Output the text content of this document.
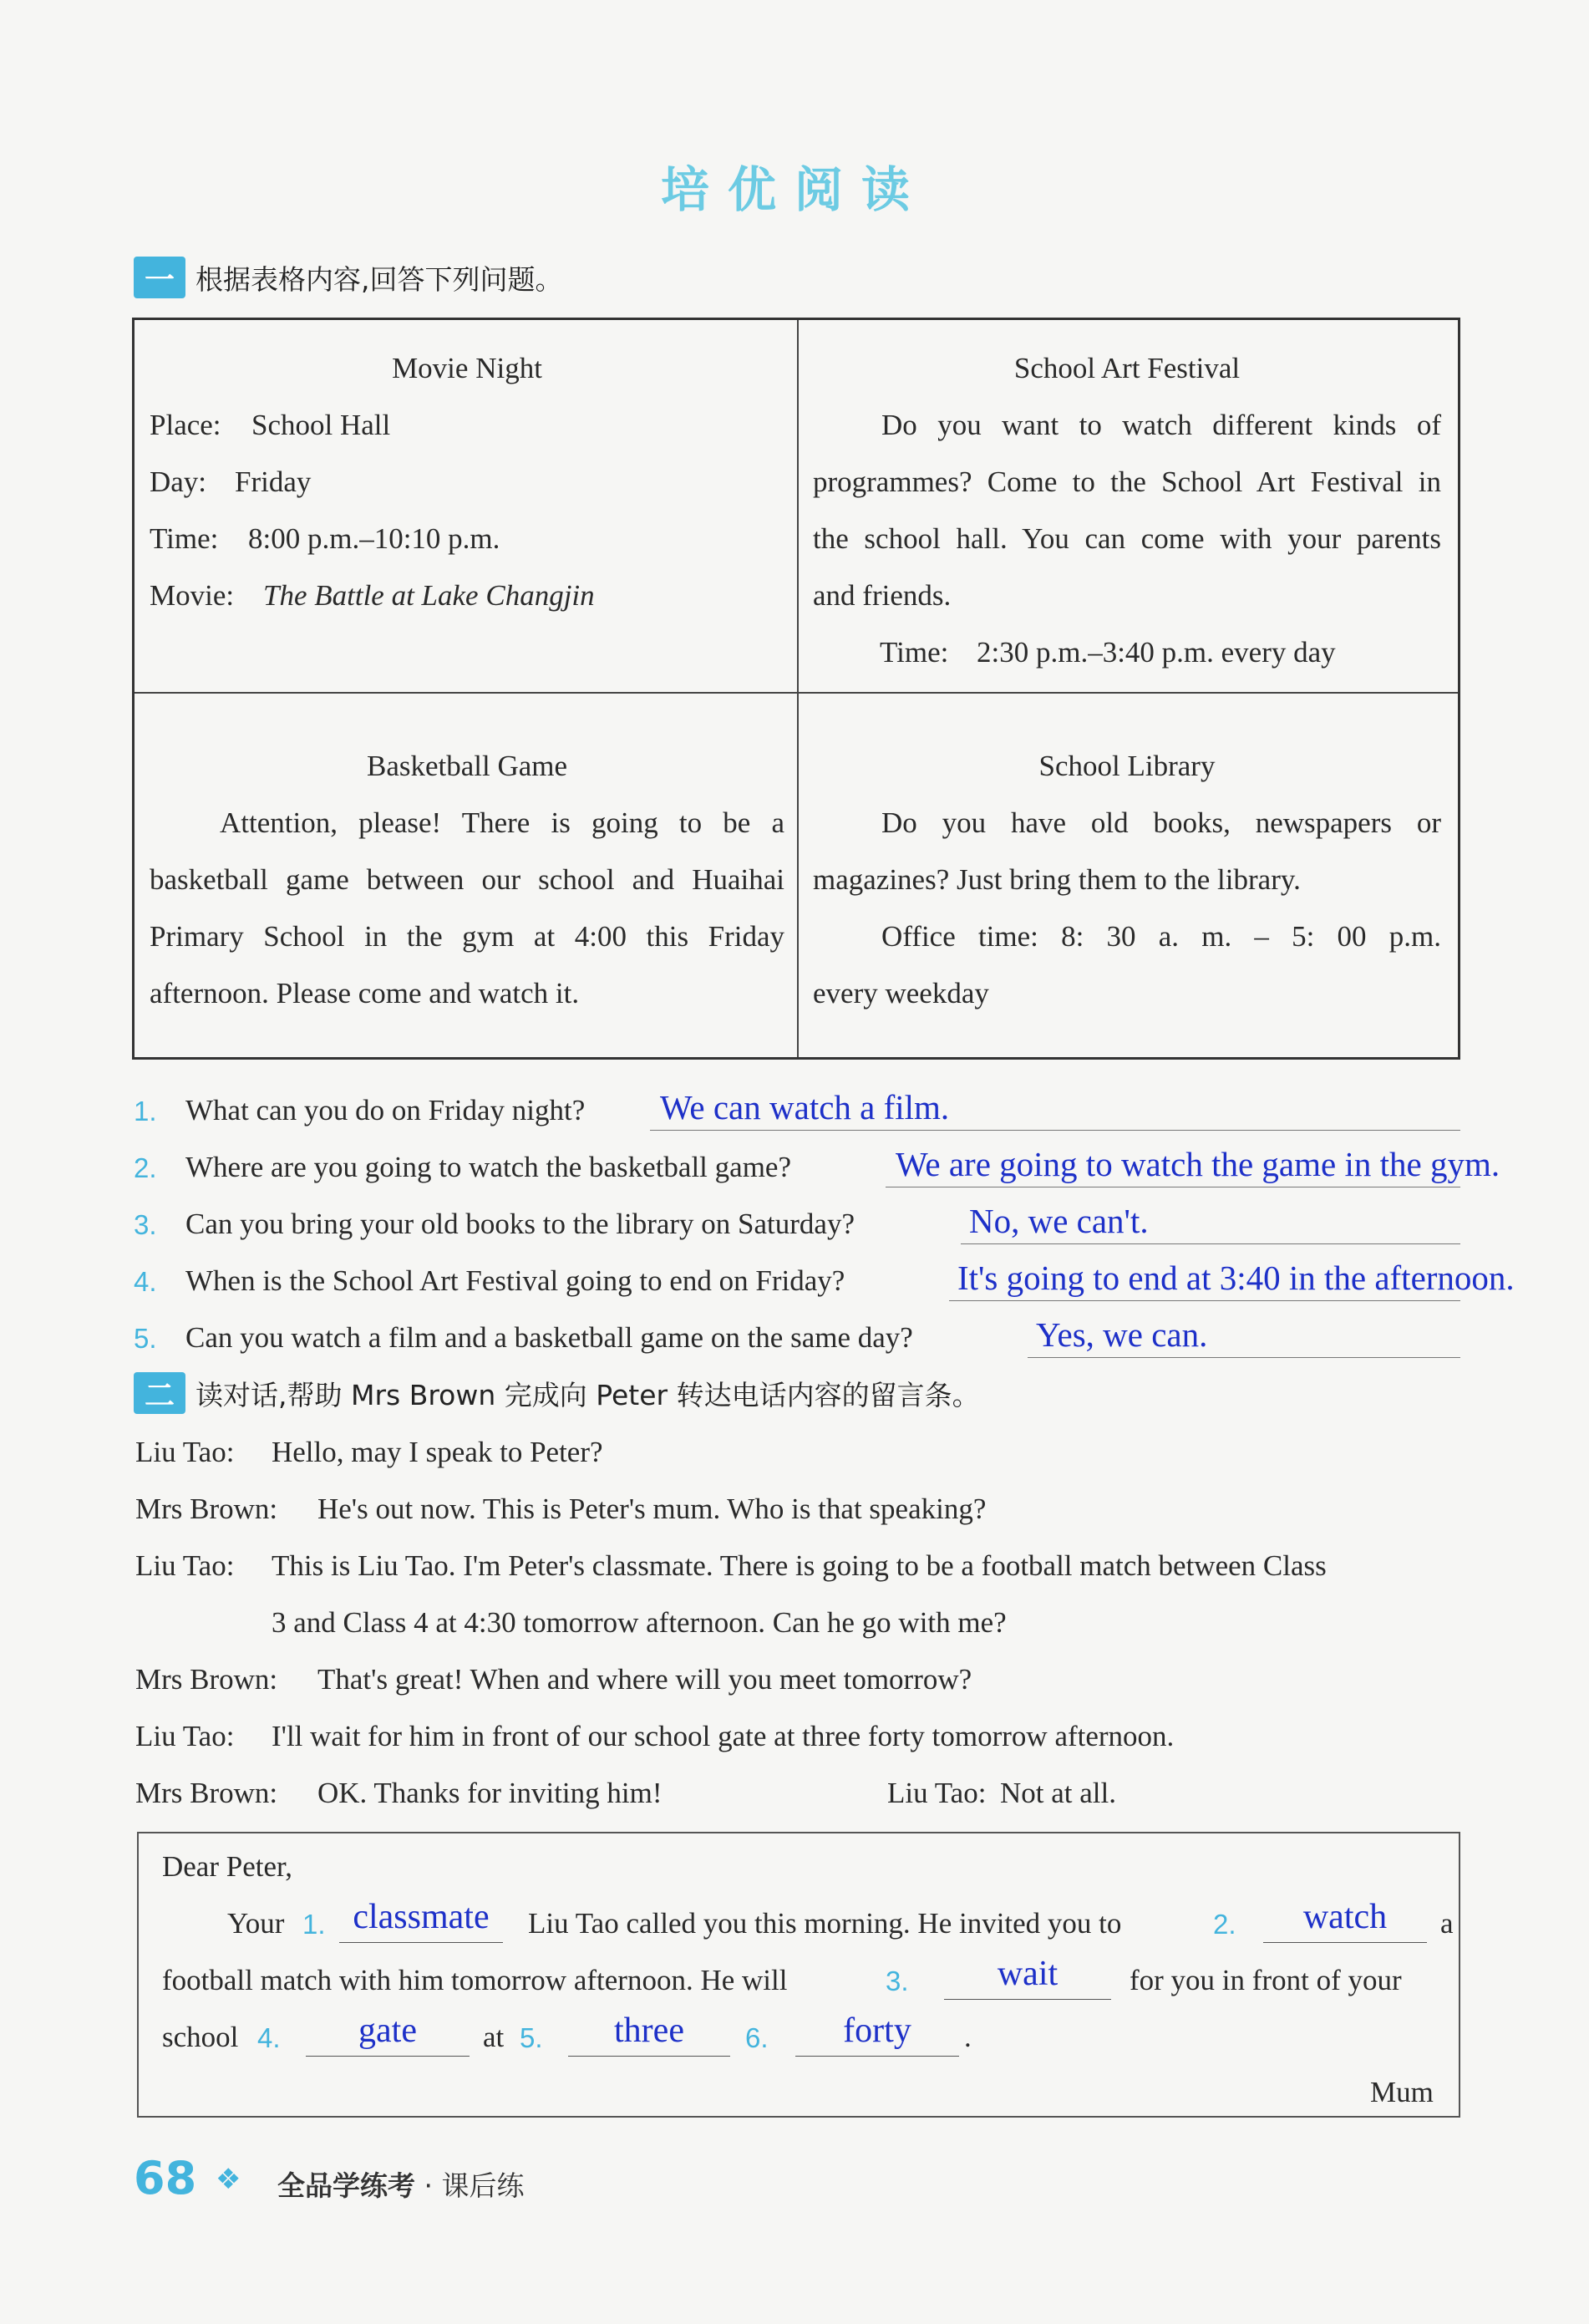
培优阅读
一 根据表格内容,回答下列问题。
Movie Night
Place: School Hall
Day: Friday
Time: 8:00 p.m.–10:10 p.m.
Movie: The Battle at Lake Changjin
School Art Festival
Do you want to watch different kinds of
programmes? Come to the School Art Festival in
the school hall. You can come with your parents
and friends.
Time: 2:30 p.m.–3:40 p.m. every day
Basketball Game
Attention, please! There is going to be a
basketball game between our school and Huaihai
Primary School in the gym at 4:00 this Friday
afternoon. Please come and watch it.
School Library
Do you have old books, newspapers or
magazines? Just bring them to the library.
Office time: 8: 30 a. m. – 5: 00 p.m.
every weekday
1. What can you do on Friday night? We can watch a film.
2. Where are you going to watch the basketball game?	We are going to watch the game in the gym.
3. Can you bring your old books to the library on Saturday?	No, we can't.
4. When is the School Art Festival going to end on Friday?	It's going to end at 3:40 in the afternoon.
5. Can you watch a film and a basketball game on the same day?	Yes, we can.
二 读对话,帮助 Mrs Brown 完成向 Peter 转达电话内容的留言条。
Liu Tao: Hello, may I speak to Peter?
Mrs Brown: He's out now. This is Peter's mum. Who is that speaking?
Liu Tao: This is Liu Tao. I'm Peter's classmate. There is going to be a football match between Class
3 and Class 4 at 4:30 tomorrow afternoon. Can he go with me?
Mrs Brown: That's great! When and where will you meet tomorrow?
Liu Tao: I'll wait for him in front of our school gate at three forty tomorrow afternoon.
Mrs Brown: OK. Thanks for inviting him!	Liu Tao: Not at all.
Dear Peter,
Your 1. classmate	Liu Tao called you this morning. He invited you to	2.	watch	a
football match with him tomorrow afternoon. He will	3.	wait	for you in front of your
school 4.	gate	at 5.	three	6.	forty	.
Mum
68 ❖ 全品学练考 · 课后练
